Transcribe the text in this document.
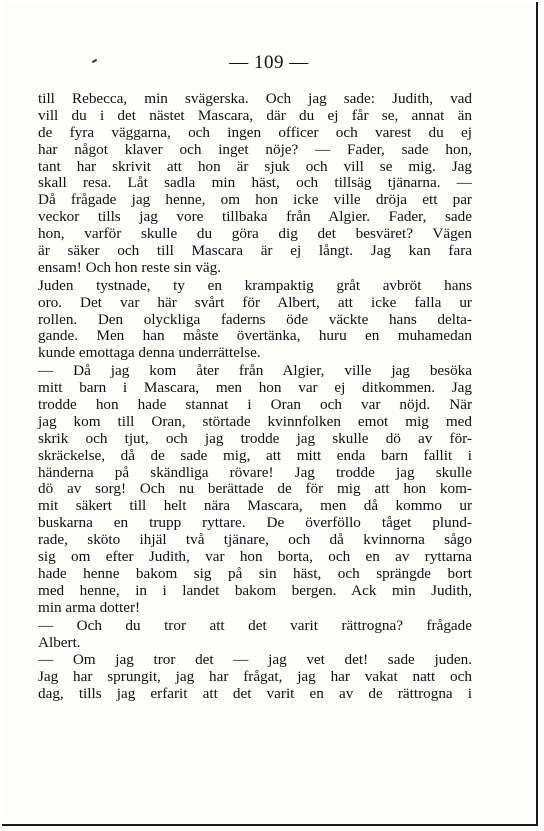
— 109 —
till Rebecca, min svägerska. Och jag sade: Judith, vad
vill du i det nästet Mascara, där du ej får se, annat än
de fyra väggarna, och ingen officer och varest du ej
har något klaver och inget nöje? — Fader, sade hon,
tant har skrivit att hon är sjuk och vill se mig. Jag
skall resa. Låt sadla min häst, och tillsäg tjänarna. —
Då frågade jag henne, om hon icke ville dröja ett par
veckor tills jag vore tillbaka från Algier. Fader, sade
hon, varför skulle du göra dig det besväret? Vägen
är säker och till Mascara är ej långt. Jag kan fara
ensam! Och hon reste sin väg.
Juden tystnade, ty en krampaktig gråt avbröt hans
oro. Det var här svårt för Albert, att icke falla ur
rollen. Den olyckliga faderns öde väckte hans delta-
gande. Men han måste övertänka, huru en muhamedan
kunde emottaga denna underrättelse.
— Då jag kom åter från Algier, ville jag besöka
mitt barn i Mascara, men hon var ej ditkommen. Jag
trodde hon hade stannat i Oran och var nöjd. När
jag kom till Oran, störtade kvinnfolken emot mig med
skrik och tjut, och jag trodde jag skulle dö av för-
skräckelse, då de sade mig, att mitt enda barn fallit i
händerna på skändliga rövare! Jag trodde jag skulle
dö av sorg! Och nu berättade de för mig att hon kom-
mit säkert till helt nära Mascara, men då kommo ur
buskarna en trupp ryttare. De överföllo tåget plund-
rade, sköto ihjäl två tjänare, och då kvinnorna sågo
sig om efter Judith, var hon borta, och en av ryttarna
hade henne bakom sig på sin häst, och sprängde bort
med henne, in i landet bakom bergen. Ack min Judith,
min arma dotter!
— Och du tror att det varit rättrogna? frågade
Albert.
— Om jag tror det — jag vet det! sade juden.
Jag har sprungit, jag har frågat, jag har vakat natt och
dag, tills jag erfarit att det varit en av de rättrogna i
